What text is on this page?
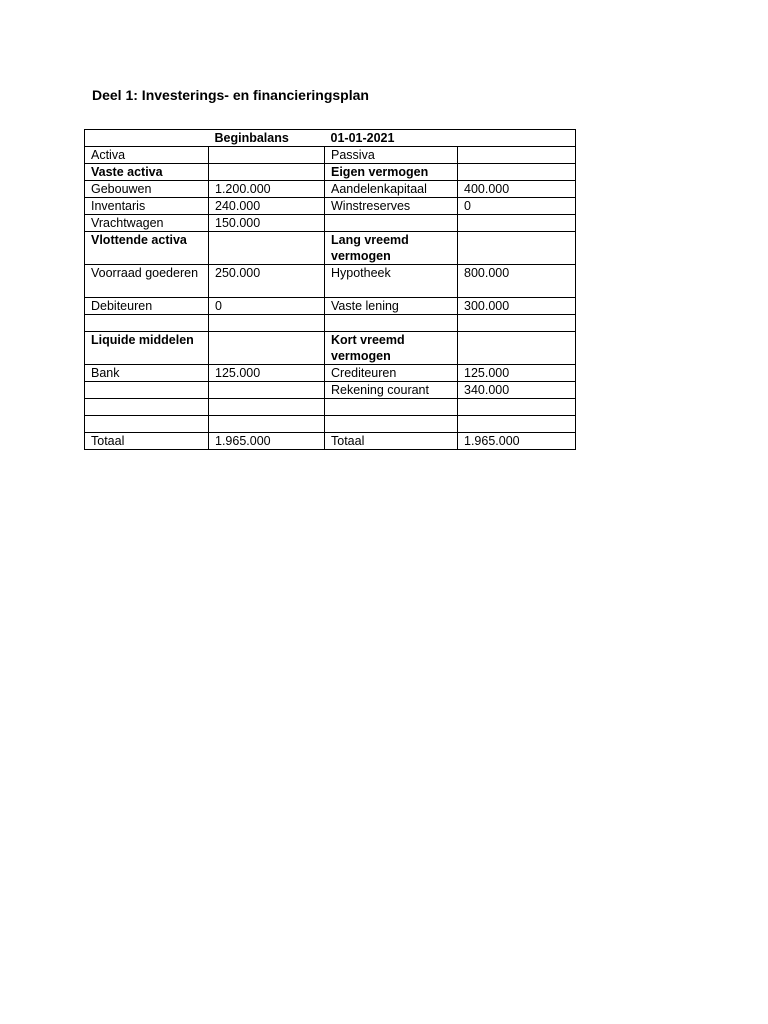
Deel 1: Investerings- en financieringsplan
	Beginbalans	01-01-2021	
Activa		Passiva	
Vaste activa		Eigen vermogen	
Gebouwen	1.200.000	Aandelenkapitaal	400.000
Inventaris	240.000	Winstreserves	0
Vrachtwagen	150.000		
Vlottende activa		Lang vreemd vermogen	
Voorraad goederen	250.000	Hypotheek	800.000
Debiteuren	0	Vaste lening	300.000

Liquide middelen		Kort vreemd vermogen	
Bank	125.000	Crediteuren	125.000
		Rekening courant	340.000

Totaal	1.965.000	Totaal	1.965.000
